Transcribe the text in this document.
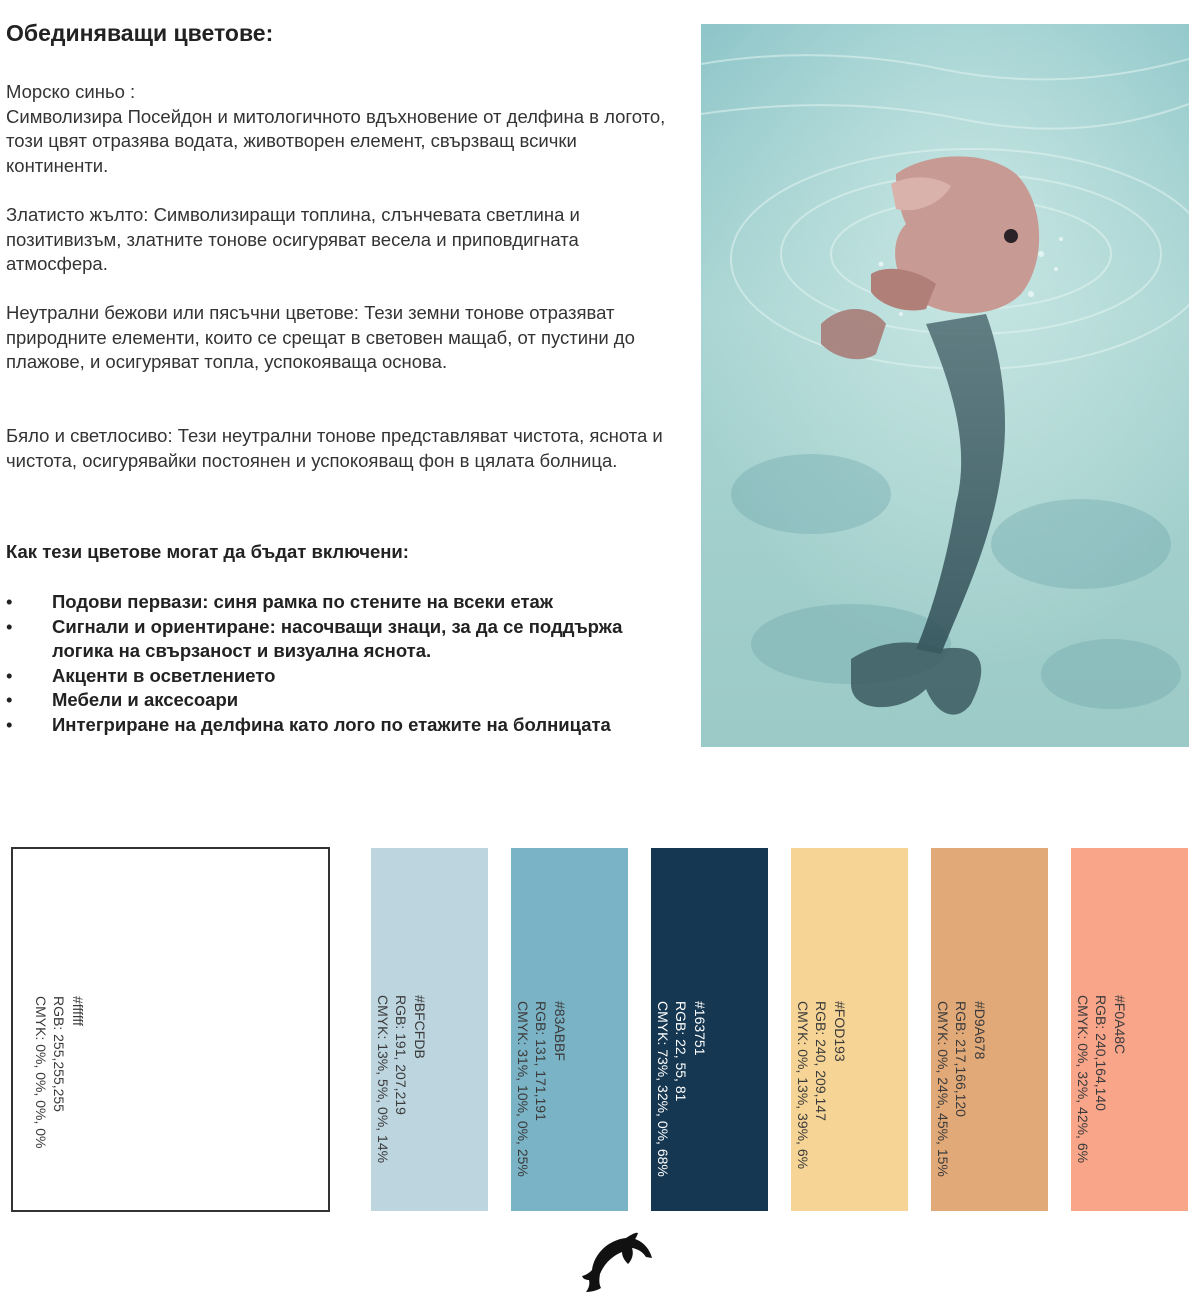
Обединяващи цветове:

Морско синьо :
Символизира Посейдон и митологичното вдъхновение от делфина в логото, този цвят отразява водата, животворен елемент, свързващ всички континенти.

Златисто жълто: Символизиращи топлина, слънчевата светлина и позитивизъм, златните тонове осигуряват весела и приповдигната атмосфера.

Неутрални бежови или пясъчни цветове: Тези земни тонове отразяват природните елементи, които се срещат в световен мащаб, от пустини до плажове, и осигуряват топла, успокояваща основа.

Бяло и светлосиво: Тези неутрални тонове представляват чистота, яснота и чистота, осигурявайки постоянен и успокояващ фон в цялата болница.

Как тези цветове могат да бъдат включени:
• Подови первази: синя рамка по стените на всеки етаж
• Сигнали и ориентиране: насочващи знаци, за да се поддържа логика на свързаност и визуална яснота.
• Акценти в осветлението
• Мебели и аксесоари
• Интегриране на делфина като лого по етажите на болницата
#ffffff
RGB: 255,255,255
CMYK: 0%, 0%, 0%, 0%	#BFCFDB
RGB: 191, 207,219
CMYK: 13%, 5%, 0%, 14%	#83ABBF
RGB: 131, 171,191
CMYK: 31%, 10%, 0%, 25%	#163751
RGB: 22, 55, 81
CMYK: 73%, 32%, 0%, 68%	#FOD193
RGB: 240, 209,147
CMYK: 0%, 13%, 39%, 6%	#D9A678
RGB: 217,166,120
CMYK: 0%, 24%, 45%, 15%	#F0A48C
RGB: 240,164,140
CMYK: 0%, 32%, 42%, 6%
